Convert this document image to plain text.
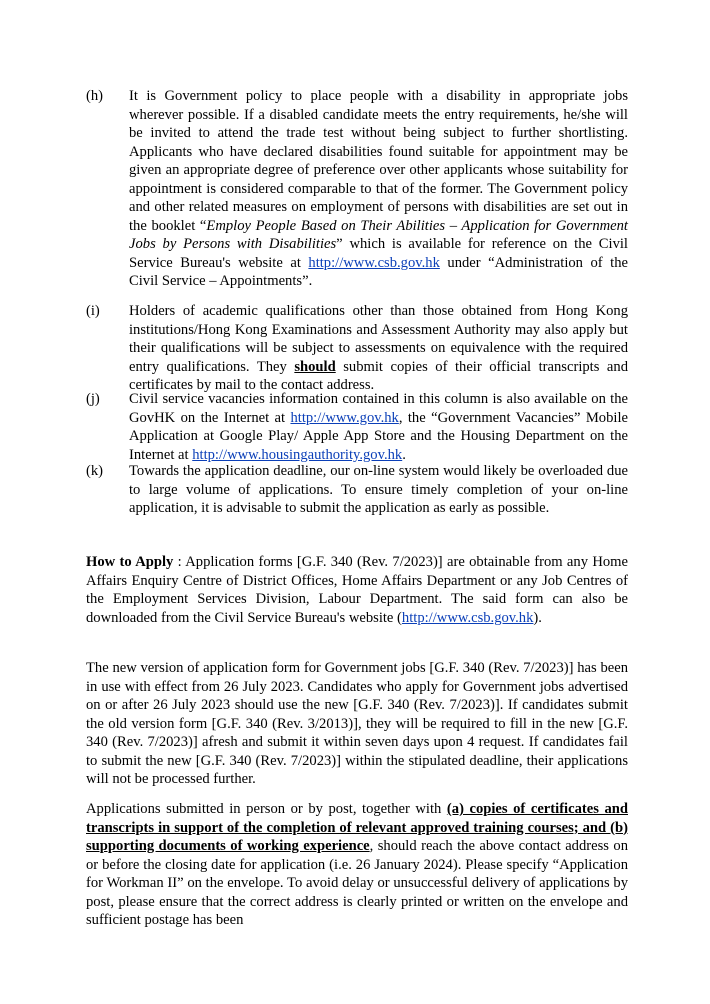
(h) It is Government policy to place people with a disability in appropriate jobs wherever possible. If a disabled candidate meets the entry requirements, he/she will be invited to attend the trade test without being subject to further shortlisting. Applicants who have declared disabilities found suitable for appointment may be given an appropriate degree of preference over other applicants whose suitability for appointment is considered comparable to that of the former. The Government policy and other related measures on employment of persons with disabilities are set out in the booklet “Employ People Based on Their Abilities – Application for Government Jobs by Persons with Disabilities” which is available for reference on the Civil Service Bureau's website at http://www.csb.gov.hk under “Administration of the Civil Service – Appointments”.
(i) Holders of academic qualifications other than those obtained from Hong Kong institutions/Hong Kong Examinations and Assessment Authority may also apply but their qualifications will be subject to assessments on equivalence with the required entry qualifications. They should submit copies of their official transcripts and certificates by mail to the contact address.
(j) Civil service vacancies information contained in this column is also available on the GovHK on the Internet at http://www.gov.hk, the “Government Vacancies” Mobile Application at Google Play/ Apple App Store and the Housing Department on the Internet at http://www.housingauthority.gov.hk.
(k) Towards the application deadline, our on-line system would likely be overloaded due to large volume of applications. To ensure timely completion of your on-line application, it is advisable to submit the application as early as possible.
How to Apply : Application forms [G.F. 340 (Rev. 7/2023)] are obtainable from any Home Affairs Enquiry Centre of District Offices, Home Affairs Department or any Job Centres of the Employment Services Division, Labour Department. The said form can also be downloaded from the Civil Service Bureau's website (http://www.csb.gov.hk).
The new version of application form for Government jobs [G.F. 340 (Rev. 7/2023)] has been in use with effect from 26 July 2023. Candidates who apply for Government jobs advertised on or after 26 July 2023 should use the new [G.F. 340 (Rev. 7/2023)]. If candidates submit the old version form [G.F. 340 (Rev. 3/2013)], they will be required to fill in the new [G.F. 340 (Rev. 7/2023)] afresh and submit it within seven days upon 4 request. If candidates fail to submit the new [G.F. 340 (Rev. 7/2023)] within the stipulated deadline, their applications will not be processed further.
Applications submitted in person or by post, together with (a) copies of certificates and transcripts in support of the completion of relevant approved training courses; and (b) supporting documents of working experience, should reach the above contact address on or before the closing date for application (i.e. 26 January 2024). Please specify “Application for Workman II” on the envelope. To avoid delay or unsuccessful delivery of applications by post, please ensure that the correct address is clearly printed or written on the envelope and sufficient postage has been
